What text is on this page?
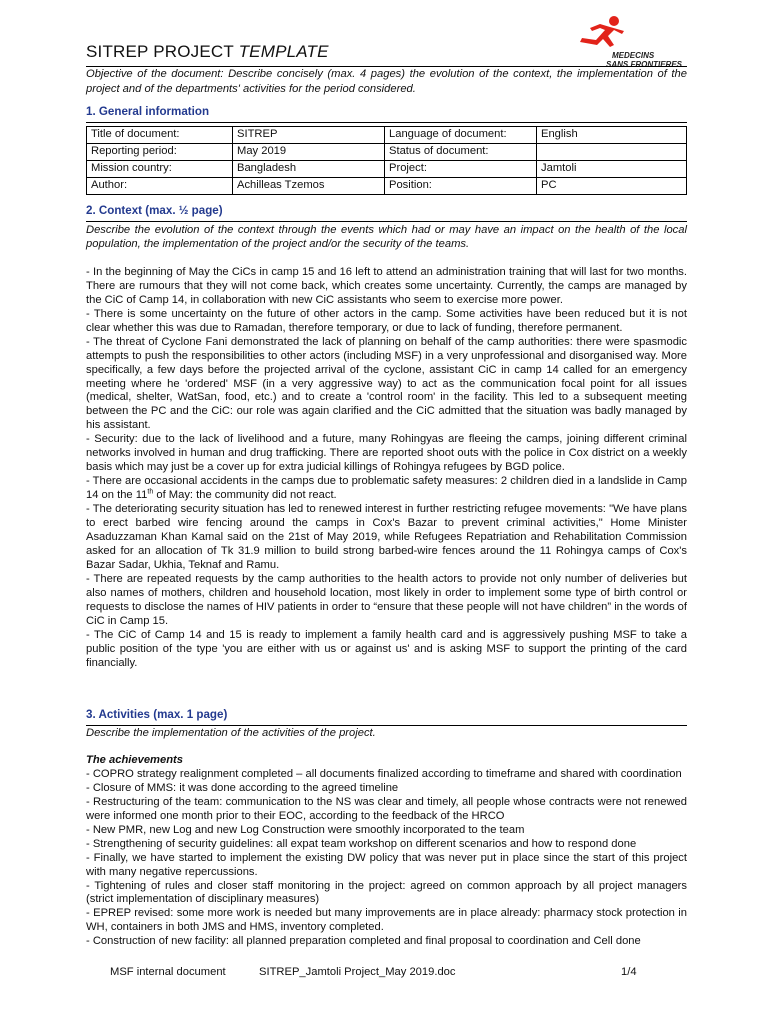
SITREP PROJECT TEMPLATE	MEDECINS
SANS FRONTIERES
Objective of the document: Describe concisely (max. 4 pages) the evolution of the context, the implementation of the project and of the departments' activities for the period considered.
1. General information
Title of document:	SITREP	Language of document:	English
Reporting period:	May 2019	Status of document:	
Mission country:	Bangladesh	Project:	Jamtoli
Author:	Achilleas Tzemos	Position:	PC
2. Context (max. ½ page)

Describe the evolution of the context through the events which had or may have an impact on the health of the local population, the implementation of the project and/or the security of the teams.

- In the beginning of May the CiCs in camp 15 and 16 left to attend an administration training that will last for two months. There are rumours that they will not come back, which creates some uncertainty. Currently, the camps are managed by the CiC of Camp 14, in collaboration with new CiC assistants who seem to exercise more power.

- There is some uncertainty on the future of other actors in the camp. Some activities have been reduced but it is not clear whether this was due to Ramadan, therefore temporary, or due to lack of funding, therefore permanent.

- The threat of Cyclone Fani demonstrated the lack of planning on behalf of the camp authorities: there were spasmodic attempts to push the responsibilities to other actors (including MSF) in a very unprofessional and disorganised way. More specifically, a few days before the projected arrival of the cyclone, assistant CiC in camp 14 called for an emergency meeting where he 'ordered' MSF (in a very aggressive way) to act as the communication focal point for all issues (medical, shelter, WatSan, food, etc.) and to create a 'control room' in the facility. This led to a subsequent meeting between the PC and the CiC: our role was again clarified and the CiC admitted that the situation was badly managed by his assistant.

- Security: due to the lack of livelihood and a future, many Rohingyas are fleeing the camps, joining different criminal networks involved in human and drug trafficking. There are reported shoot outs with the police in Cox district on a weekly basis which may just be a cover up for extra judicial killings of Rohingya refugees by BGD police.

- There are occasional accidents in the camps due to problematic safety measures: 2 children died in a landslide in Camp 14 on the 11th of May: the community did not react.

- The deteriorating security situation has led to renewed interest in further restricting refugee movements: "We have plans to erect barbed wire fencing around the camps in Cox's Bazar to prevent criminal activities," Home Minister Asaduzzaman Khan Kamal said on the 21st of May 2019, while Refugees Repatriation and Rehabilitation Commission asked for an allocation of Tk 31.9 million to build strong barbed-wire fences around the 11 Rohingya camps of Cox's Bazar Sadar, Ukhia, Teknaf and Ramu.

- There are repeated requests by the camp authorities to the health actors to provide not only number of deliveries but also names of mothers, children and household location, most likely in order to implement some type of birth control or requests to disclose the names of HIV patients in order to “ensure that these people will not have children” in the words of CiC in Camp 15.

- The CiC of Camp 14 and 15 is ready to implement a family health card and is aggressively pushing MSF to take a public position of the type 'you are either with us or against us' and is asking MSF to support the printing of the card financially.

3. Activities (max. 1 page)

Describe the implementation of the activities of the project.

The achievements

- COPRO strategy realignment completed – all documents finalized according to timeframe and shared with coordination

- Closure of MMS: it was done according to the agreed timeline

- Restructuring of the team: communication to the NS was clear and timely, all people whose contracts were not renewed were informed one month prior to their EOC, according to the feedback of the HRCO

- New PMR, new Log and new Log Construction were smoothly incorporated to the team

- Strengthening of security guidelines: all expat team workshop on different scenarios and how to respond done

- Finally, we have started to implement the existing DW policy that was never put in place since the start of this project with many negative repercussions.

- Tightening of rules and closer staff monitoring in the project: agreed on common approach by all project managers (strict implementation of disciplinary measures)

- EPREP revised: some more work is needed but many improvements are in place already: pharmacy stock protection in WH, containers in both JMS and HMS, inventory completed.

- Construction of new facility: all planned preparation completed and final proposal to coordination and Cell done

MSF internal document	SITREP_Jamtoli Project_May 2019.doc	1/4
